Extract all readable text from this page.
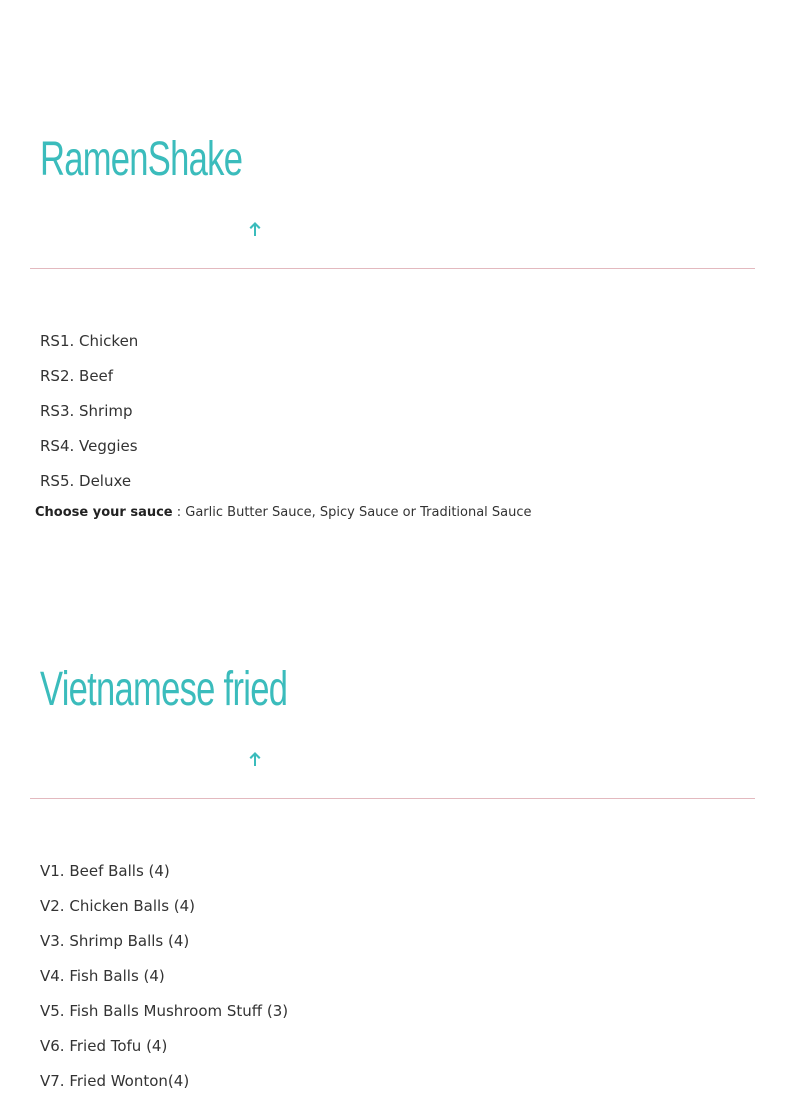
RamenShake
RS1. Chicken
RS2. Beef
RS3. Shrimp
RS4. Veggies
RS5. Deluxe
Choose your sauce : Garlic Butter Sauce, Spicy Sauce or Traditional Sauce
Vietnamese fried
V1. Beef Balls (4)
V2. Chicken Balls (4)
V3. Shrimp Balls (4)
V4. Fish Balls (4)
V5. Fish Balls Mushroom Stuff (3)
V6. Fried Tofu (4)
V7. Fried Wonton(4)
